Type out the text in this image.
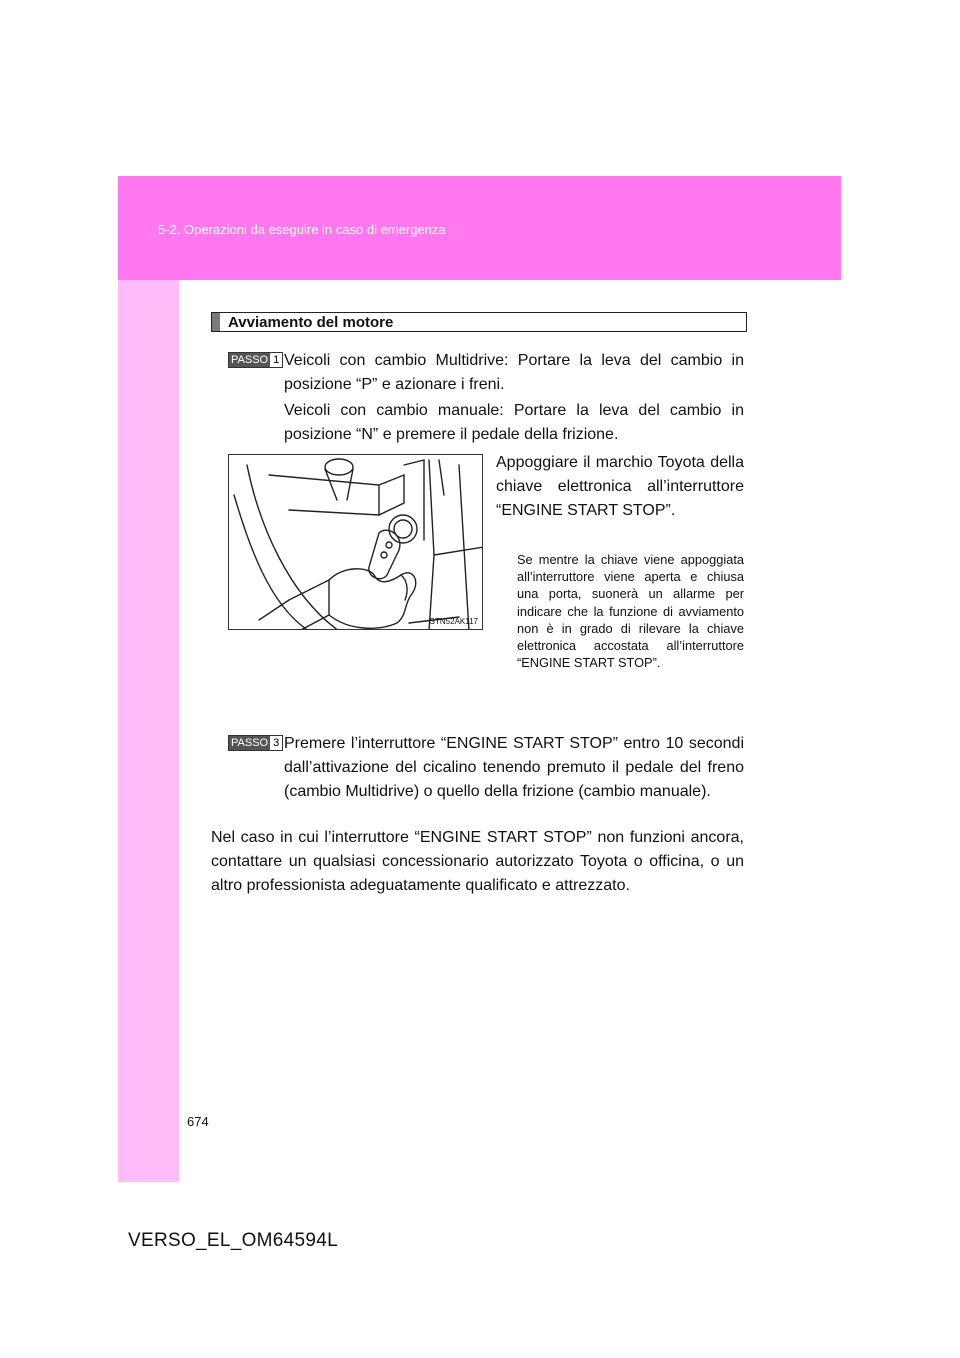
5-2. Operazioni da eseguire in caso di emergenza
Avviamento del motore
PASSO 1 Veicoli con cambio Multidrive: Portare la leva del cambio in posizione “P” e azionare i freni.
Veicoli con cambio manuale: Portare la leva del cambio in posizione “N” e premere il pedale della frizione.
STN52AK117
Appoggiare il marchio Toyota della chiave elettronica all’interruttore “ENGINE START STOP”.
Se mentre la chiave viene appoggiata all’interruttore viene aperta e chiusa una porta, suonerà un allarme per indicare che la funzione di avviamento non è in grado di rilevare la chiave elettronica accostata all’interruttore “ENGINE START STOP”.
PASSO 3 Premere l’interruttore “ENGINE START STOP” entro 10 secondi dall’attivazione del cicalino tenendo premuto il pedale del freno (cambio Multidrive) o quello della frizione (cambio manuale).
Nel caso in cui l’interruttore “ENGINE START STOP” non funzioni ancora, contattare un qualsiasi concessionario autorizzato Toyota o officina, o un altro professionista adeguatamente qualificato e attrezzato.
674
VERSO_EL_OM64594L
